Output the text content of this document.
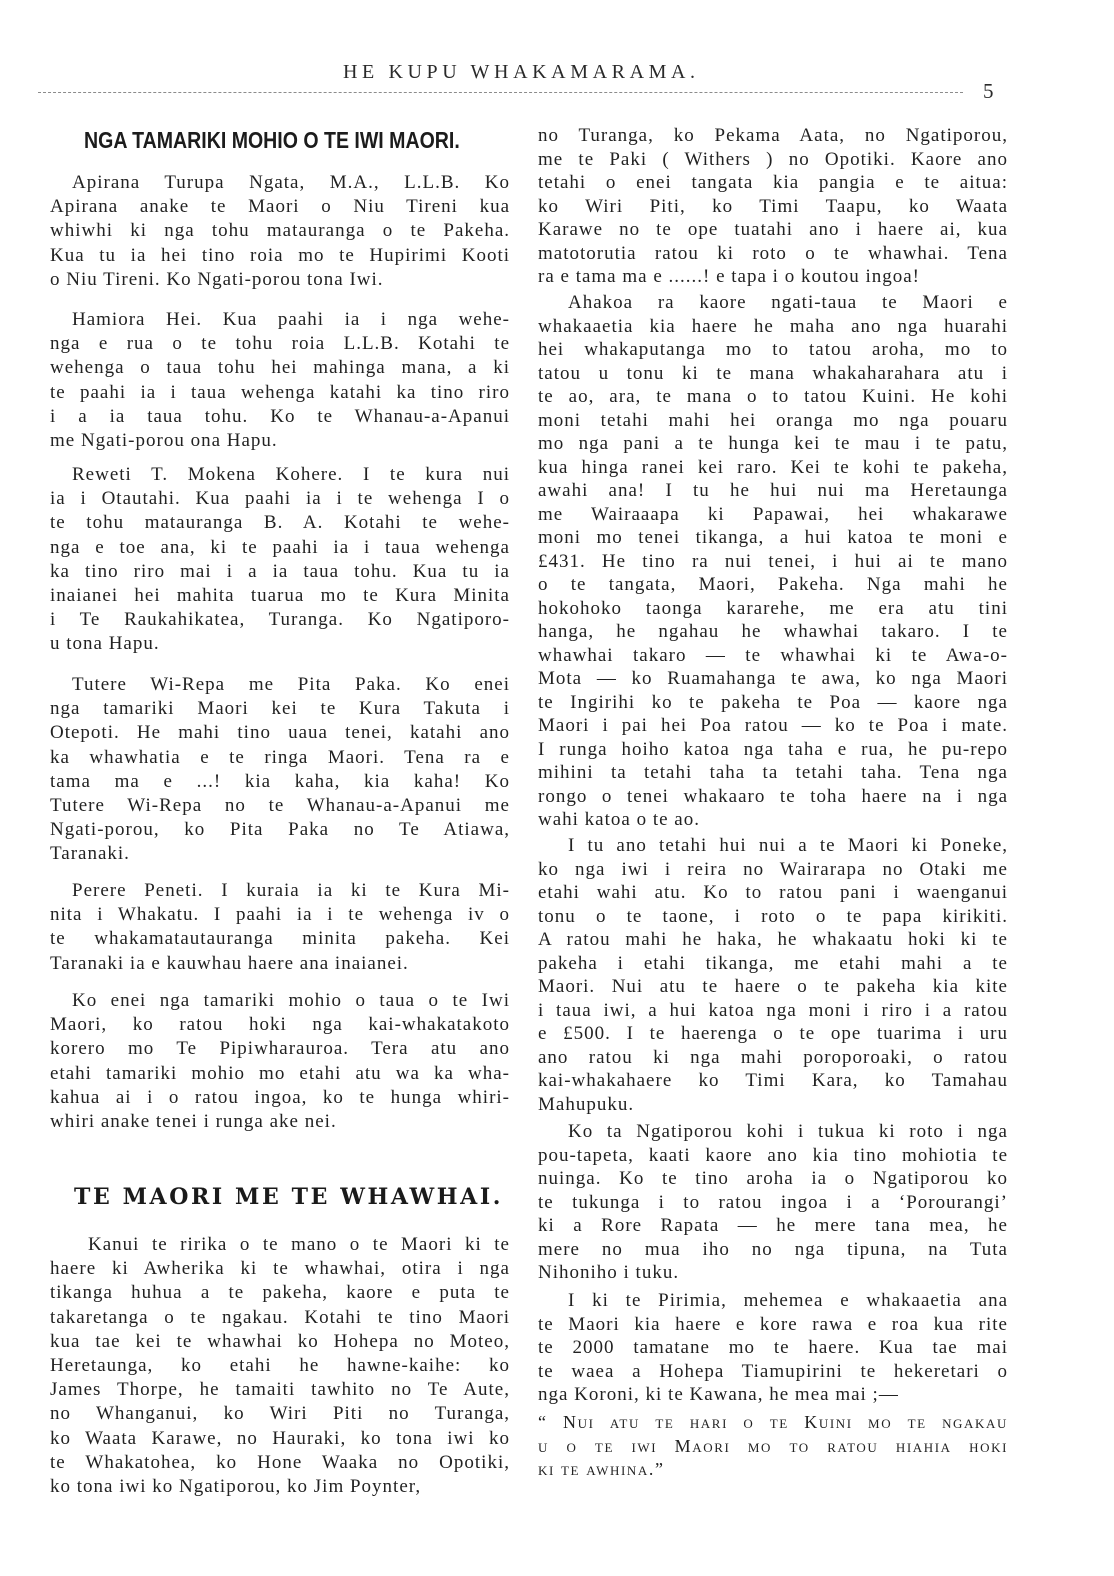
HE KUPU WHAKAMARAMA.
5
NGA TAMARIKI MOHIO O TE IWI MAORI.
Apirana Turupa Ngata, M.A., L.L.B. Ko
Apirana anake te Maori o Niu Tireni kua
whiwhi ki nga tohu matauranga o te Pakeha.
Kua tu ia hei tino roia mo te Hupirimi Kooti
o Niu Tireni. Ko Ngati-porou tona Iwi.
Hamiora Hei. Kua paahi ia i nga wehe-
nga e rua o te tohu roia L.L.B. Kotahi te
wehenga o taua tohu hei mahinga mana, a ki
te paahi ia i taua wehenga katahi ka tino riro
i a ia taua tohu. Ko te Whanau-a-Apanui
me Ngati-porou ona Hapu.
Reweti T. Mokena Kohere. I te kura nui
ia i Otautahi. Kua paahi ia i te wehenga I o
te tohu matauranga B. A. Kotahi te wehe-
nga e toe ana, ki te paahi ia i taua wehenga
ka tino riro mai i a ia taua tohu. Kua tu ia
inaianei hei mahita tuarua mo te Kura Minita
i Te Raukahikatea, Turanga. Ko Ngatiporo-
u tona Hapu.
Tutere Wi-Repa me Pita Paka. Ko enei
nga tamariki Maori kei te Kura Takuta i
Otepoti. He mahi tino uaua tenei, katahi ano
ka whawhatia e te ringa Maori. Tena ra e
tama ma e ...! kia kaha, kia kaha! Ko
Tutere Wi-Repa no te Whanau-a-Apanui me
Ngati-porou, ko Pita Paka no Te Atiawa,
Taranaki.
Perere Peneti. I kuraia ia ki te Kura Mi-
nita i Whakatu. I paahi ia i te wehenga iv o
te whakamatautauranga minita pakeha. Kei
Taranaki ia e kauwhau haere ana inaianei.
Ko enei nga tamariki mohio o taua o te Iwi
Maori, ko ratou hoki nga kai-whakatakoto
korero mo Te Pipiwharauroa. Tera atu ano
etahi tamariki mohio mo etahi atu wa ka wha-
kahua ai i o ratou ingoa, ko te hunga whiri-
whiri anake tenei i runga ake nei.
TE MAORI ME TE WHAWHAI.
Kanui te ririka o te mano o te Maori ki te
haere ki Awherika ki te whawhai, otira i nga
tikanga huhua a te pakeha, kaore e puta te
takaretanga o te ngakau. Kotahi te tino Maori
kua tae kei te whawhai ko Hohepa no Moteo,
Heretaunga, ko etahi he hawne-kaihe: ko
James Thorpe, he tamaiti tawhito no Te Aute,
no Whanganui, ko Wiri Piti no Turanga,
ko Waata Karawe, no Hauraki, ko tona iwi ko
te Whakatohea, ko Hone Waaka no Opotiki,
ko tona iwi ko Ngatiporou, ko Jim Poynter,
no Turanga, ko Pekama Aata, no Ngatiporou,
me te Paki ( Withers ) no Opotiki. Kaore ano
tetahi o enei tangata kia pangia e te aitua:
ko Wiri Piti, ko Timi Taapu, ko Waata
Karawe no te ope tuatahi ano i haere ai, kua
matotorutia ratou ki roto o te whawhai. Tena
ra e tama ma e ......! e tapa i o koutou ingoa!
Ahakoa ra kaore ngati-taua te Maori e
whakaaetia kia haere he maha ano nga huarahi
hei whakaputanga mo to tatou aroha, mo to
tatou u tonu ki te mana whakaharahara atu i
te ao, ara, te mana o to tatou Kuini. He kohi
moni tetahi mahi hei oranga mo nga pouaru
mo nga pani a te hunga kei te mau i te patu,
kua hinga ranei kei raro. Kei te kohi te pakeha,
awahi ana! I tu he hui nui ma Heretaunga
me Wairaaapa ki Papawai, hei whakarawe
moni mo tenei tikanga, a hui katoa te moni e
£431. He tino ra nui tenei, i hui ai te mano
o te tangata, Maori, Pakeha. Nga mahi he
hokohoko taonga kararehe, me era atu tini
hanga, he ngahau he whawhai takaro. I te
whawhai takaro — te whawhai ki te Awa-o-
Mota — ko Ruamahanga te awa, ko nga Maori
te Ingirihi ko te pakeha te Poa — kaore nga
Maori i pai hei Poa ratou — ko te Poa i mate.
I runga hoiho katoa nga taha e rua, he pu-repo
mihini ta tetahi taha ta tetahi taha. Tena nga
rongo o tenei whakaaro te toha haere na i nga
wahi katoa o te ao.
I tu ano tetahi hui nui a te Maori ki Poneke,
ko nga iwi i reira no Wairarapa no Otaki me
etahi wahi atu. Ko to ratou pani i waenganui
tonu o te taone, i roto o te papa kirikiti.
A ratou mahi he haka, he whakaatu hoki ki te
pakeha i etahi tikanga, me etahi mahi a te
Maori. Nui atu te haere o te pakeha kia kite
i taua iwi, a hui katoa nga moni i riro i a ratou
e £500. I te haerenga o te ope tuarima i uru
ano ratou ki nga mahi poroporoaki, o ratou
kai-whakahaere ko Timi Kara, ko Tamahau
Mahupuku.
Ko ta Ngatiporou kohi i tukua ki roto i nga
pou-tapeta, kaati kaore ano kia tino mohiotia te
nuinga. Ko te tino aroha ia o Ngatiporou ko
te tukunga i to ratou ingoa i a ‘Porourangi’
ki a Rore Rapata — he mere tana mea, he
mere no mua iho no nga tipuna, na Tuta
Nihoniho i tuku.
I ki te Pirimia, mehemea e whakaaetia ana
te Maori kia haere e kore rawa e roa kua rite
te 2000 tamatane mo te haere. Kua tae mai
te waea a Hohepa Tiamupirini te hekeretari o
nga Koroni, ki te Kawana, he mea mai ;—
“ Nui atu te hari o te Kuini mo te ngakau
u o te iwi Maori mo to ratou hiahia hoki
ki te awhina.”
